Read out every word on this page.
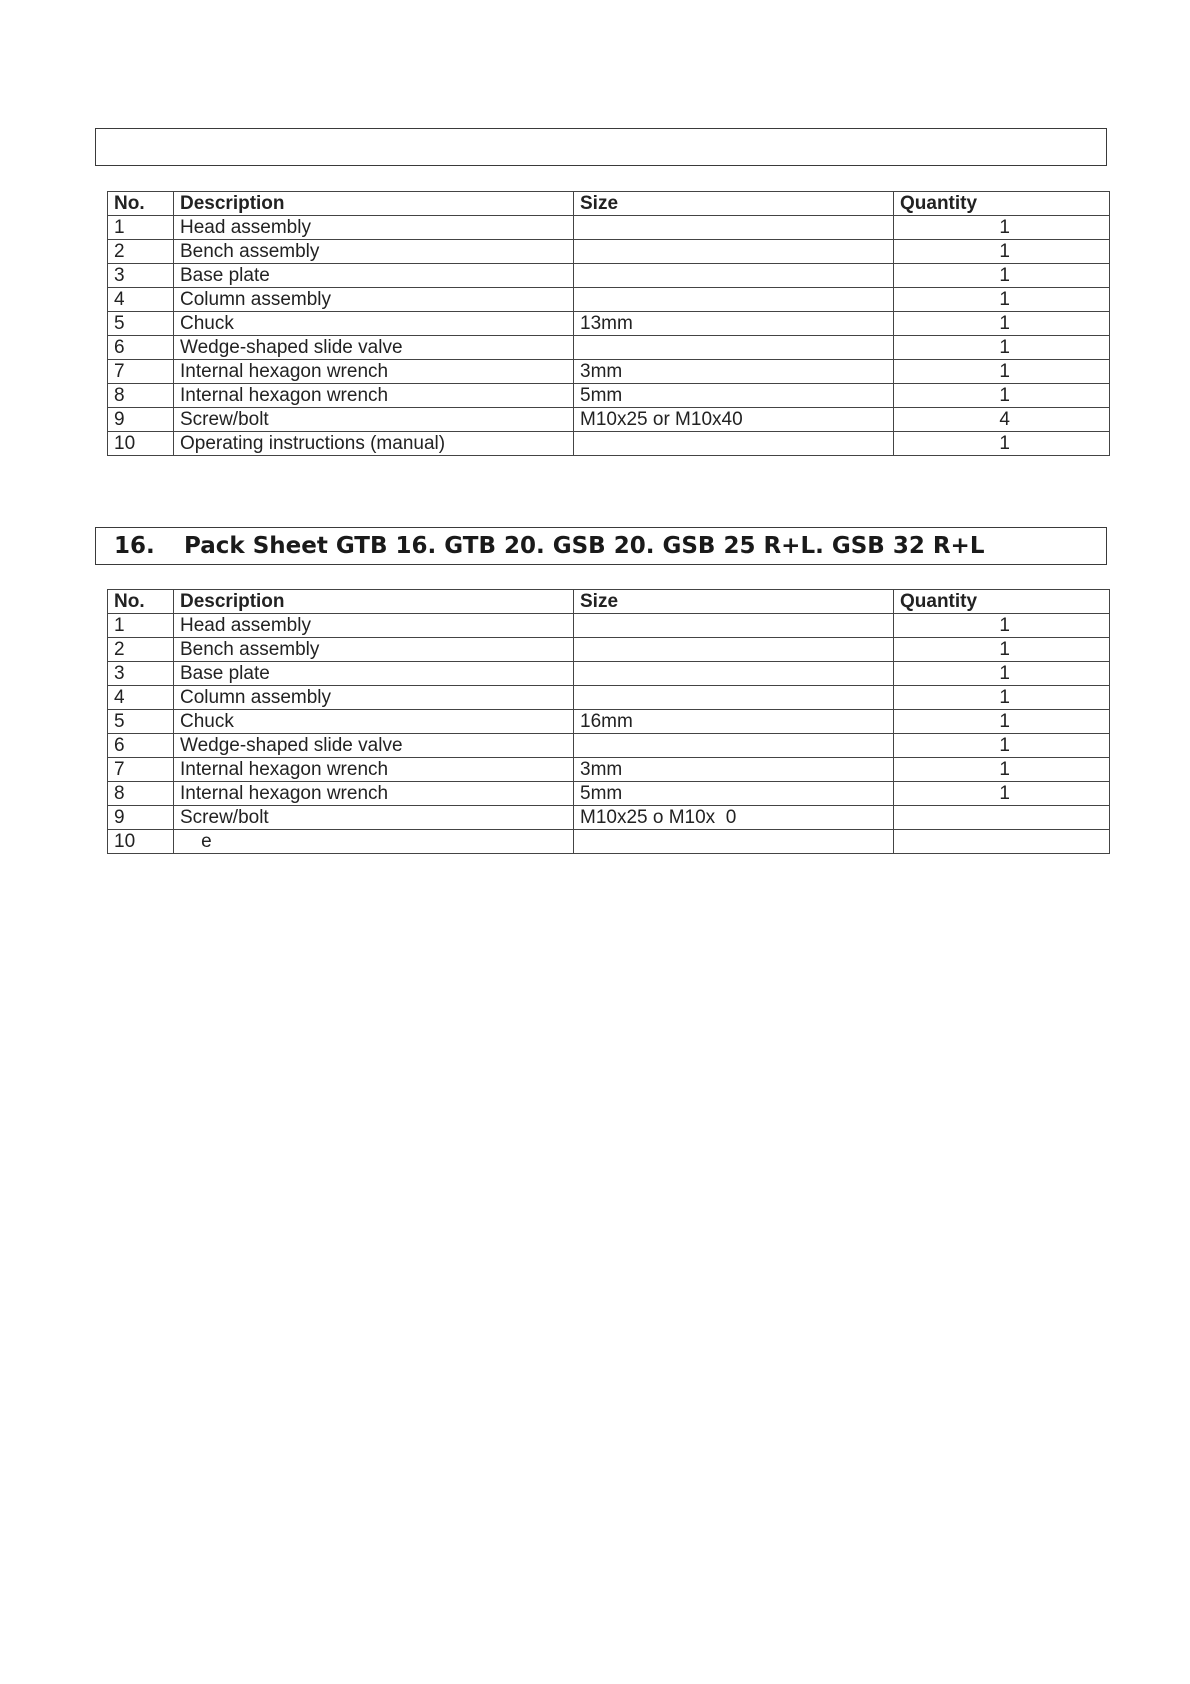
No.	Description	Size	Quantity
1	Head assembly		1
2	Bench assembly		1
3	Base plate		1
4	Column assembly		1
5	Chuck	13mm	1
6	Wedge-shaped slide valve		1
7	Internal hexagon wrench	3mm	1
8	Internal hexagon wrench	5mm	1
9	Screw/bolt	M10x25 or M10x40	4
10	Operating instructions (manual)		1
16.	Pack Sheet GTB 16. GTB 20. GSB 20. GSB 25 R+L. GSB 32 R+L
No.	Description	Size	Quantity
1	Head assembly		1
2	Bench assembly		1
3	Base plate		1
4	Column assembly		1
5	Chuck	16mm	1
6	Wedge-shaped slide valve		1
7	Internal hexagon wrench	3mm	1
8	Internal hexagon wrench	5mm	1
9	Screw/bolt	M10x25 o M10x  0	
10	e		
